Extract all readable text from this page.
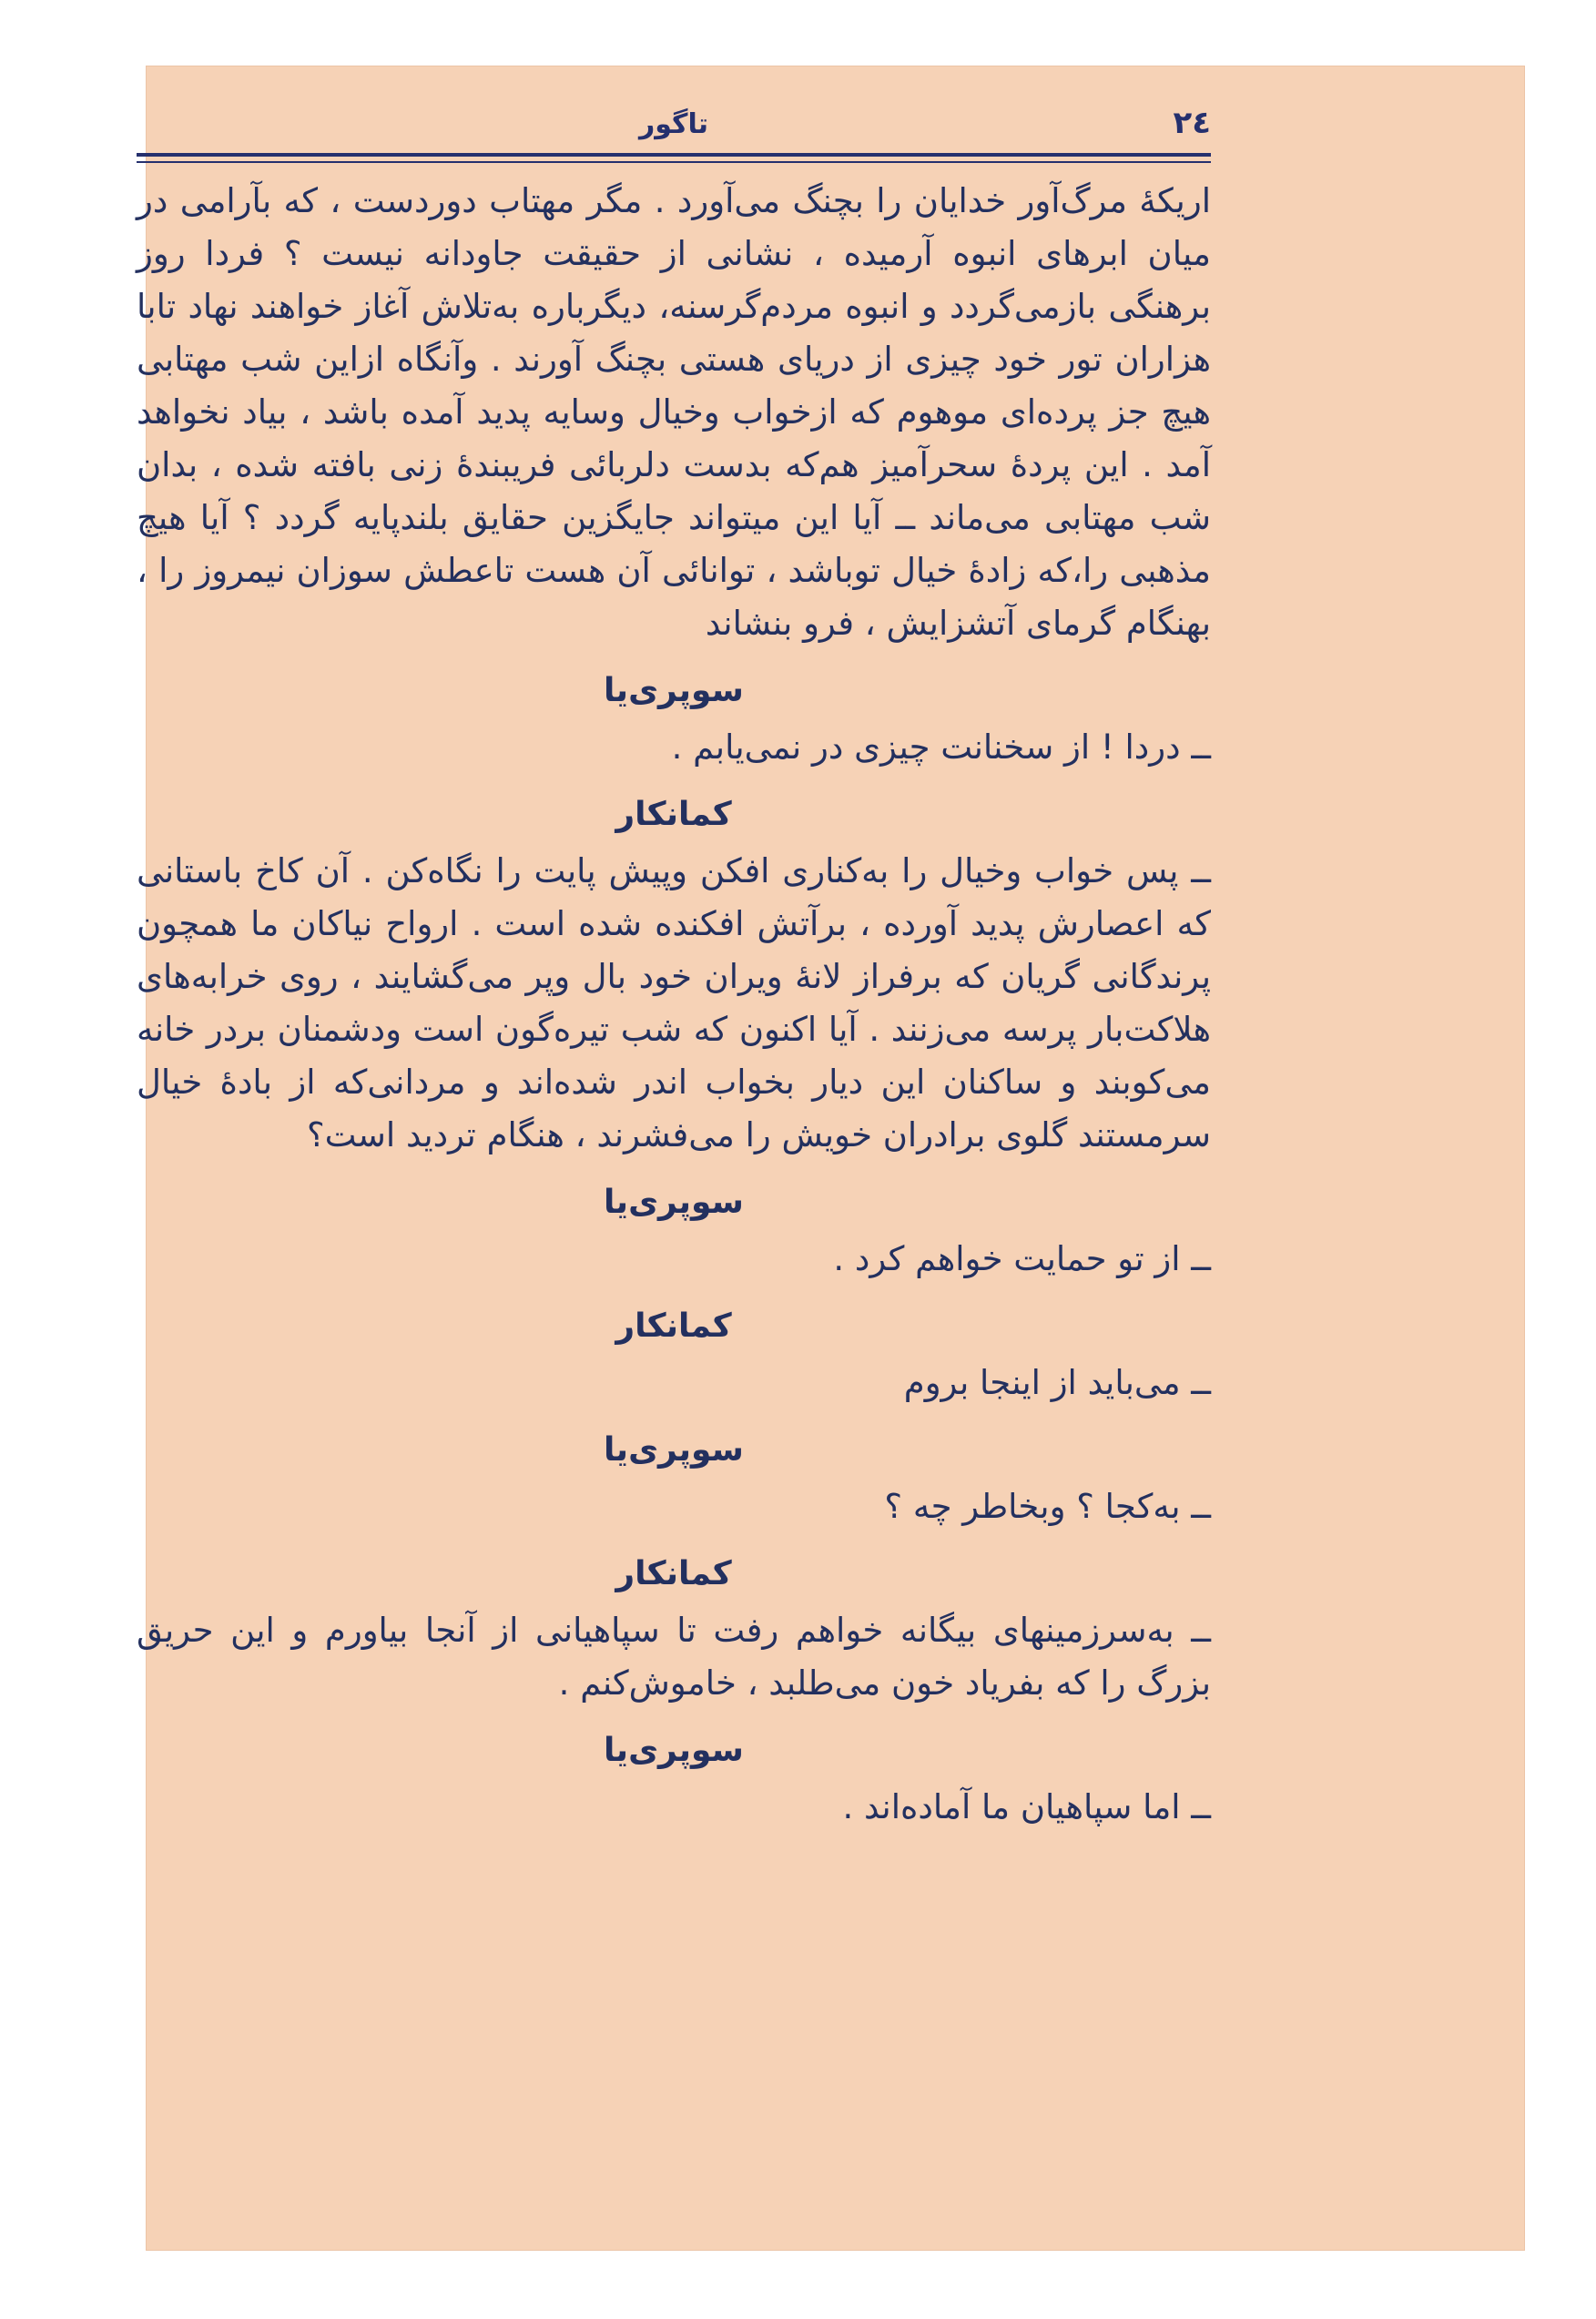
۲٤
تاگور

اریکهٔ مرگ‌آور خدایان را بچنگ می‌آورد . مگر مهتاب دوردست ، که بآرامی در میان ابرهای انبوه آرمیده ، نشانی از حقیقت جاودانه نیست ؟ فردا روز برهنگی بازمی‌گردد و انبوه مردم‌گرسنه، دیگرباره به‌تلاش آغاز خواهند نهاد تابا هزاران تور خود چیزی از دریای هستی بچنگ آورند . وآنگاه ازاین شب مهتابی هیچ جز پرده‌ای موهوم که ازخواب وخیال وسایه پدید آمده باشد ، بیاد نخواهد آمد . این پردهٔ سحرآمیز هم‌که بدست دلربائی فریبندهٔ زنی بافته شده ، بدان شب مهتابی می‌ماند ــ آیا این میتواند جایگزین حقایق بلندپایه گردد ؟ آیا هیچ مذهبی را،که زادهٔ خیال توباشد ، توانائی آن هست تاعطش سوزان نیمروز را ، بهنگام گرمای آتشزایش ، فرو بنشاند

سوپری‌یا

ــ دردا ! از سخنانت چیزی در نمی‌یابم .

کمانکار

ــ پس خواب وخیال را به‌کناری افکن وپیش پایت را نگاه‌کن . آن کاخ باستانی که اعصارش پدید آورده ، برآتش افکنده شده است . ارواح نیاکان ما همچون پرندگانی گریان که برفراز لانهٔ ویران خود بال وپر می‌گشایند ، روی خرابه‌های هلاکت‌بار پرسه می‌زنند . آیا اکنون که شب تیره‌گون است ودشمنان بردر خانه می‌کوبند و ساکنان این دیار بخواب اندر شده‌اند و مردانی‌که از بادهٔ خیال سرمستند گلوی برادران خویش را می‌فشرند ، هنگام تردید است؟

سوپری‌یا

ــ از تو حمایت خواهم کرد .

کمانکار

ــ می‌باید از اینجا بروم

سوپری‌یا

ــ به‌کجا ؟ وبخاطر چه ؟

کمانکار

ــ به‌سرزمینهای بیگانه خواهم رفت تا سپاهیانی از آنجا بیاورم و این حریق بزرگ را که بفریاد خون می‌طلبد ، خاموش‌کنم .

سوپری‌یا

ــ اما سپاهیان ما آماده‌اند .
